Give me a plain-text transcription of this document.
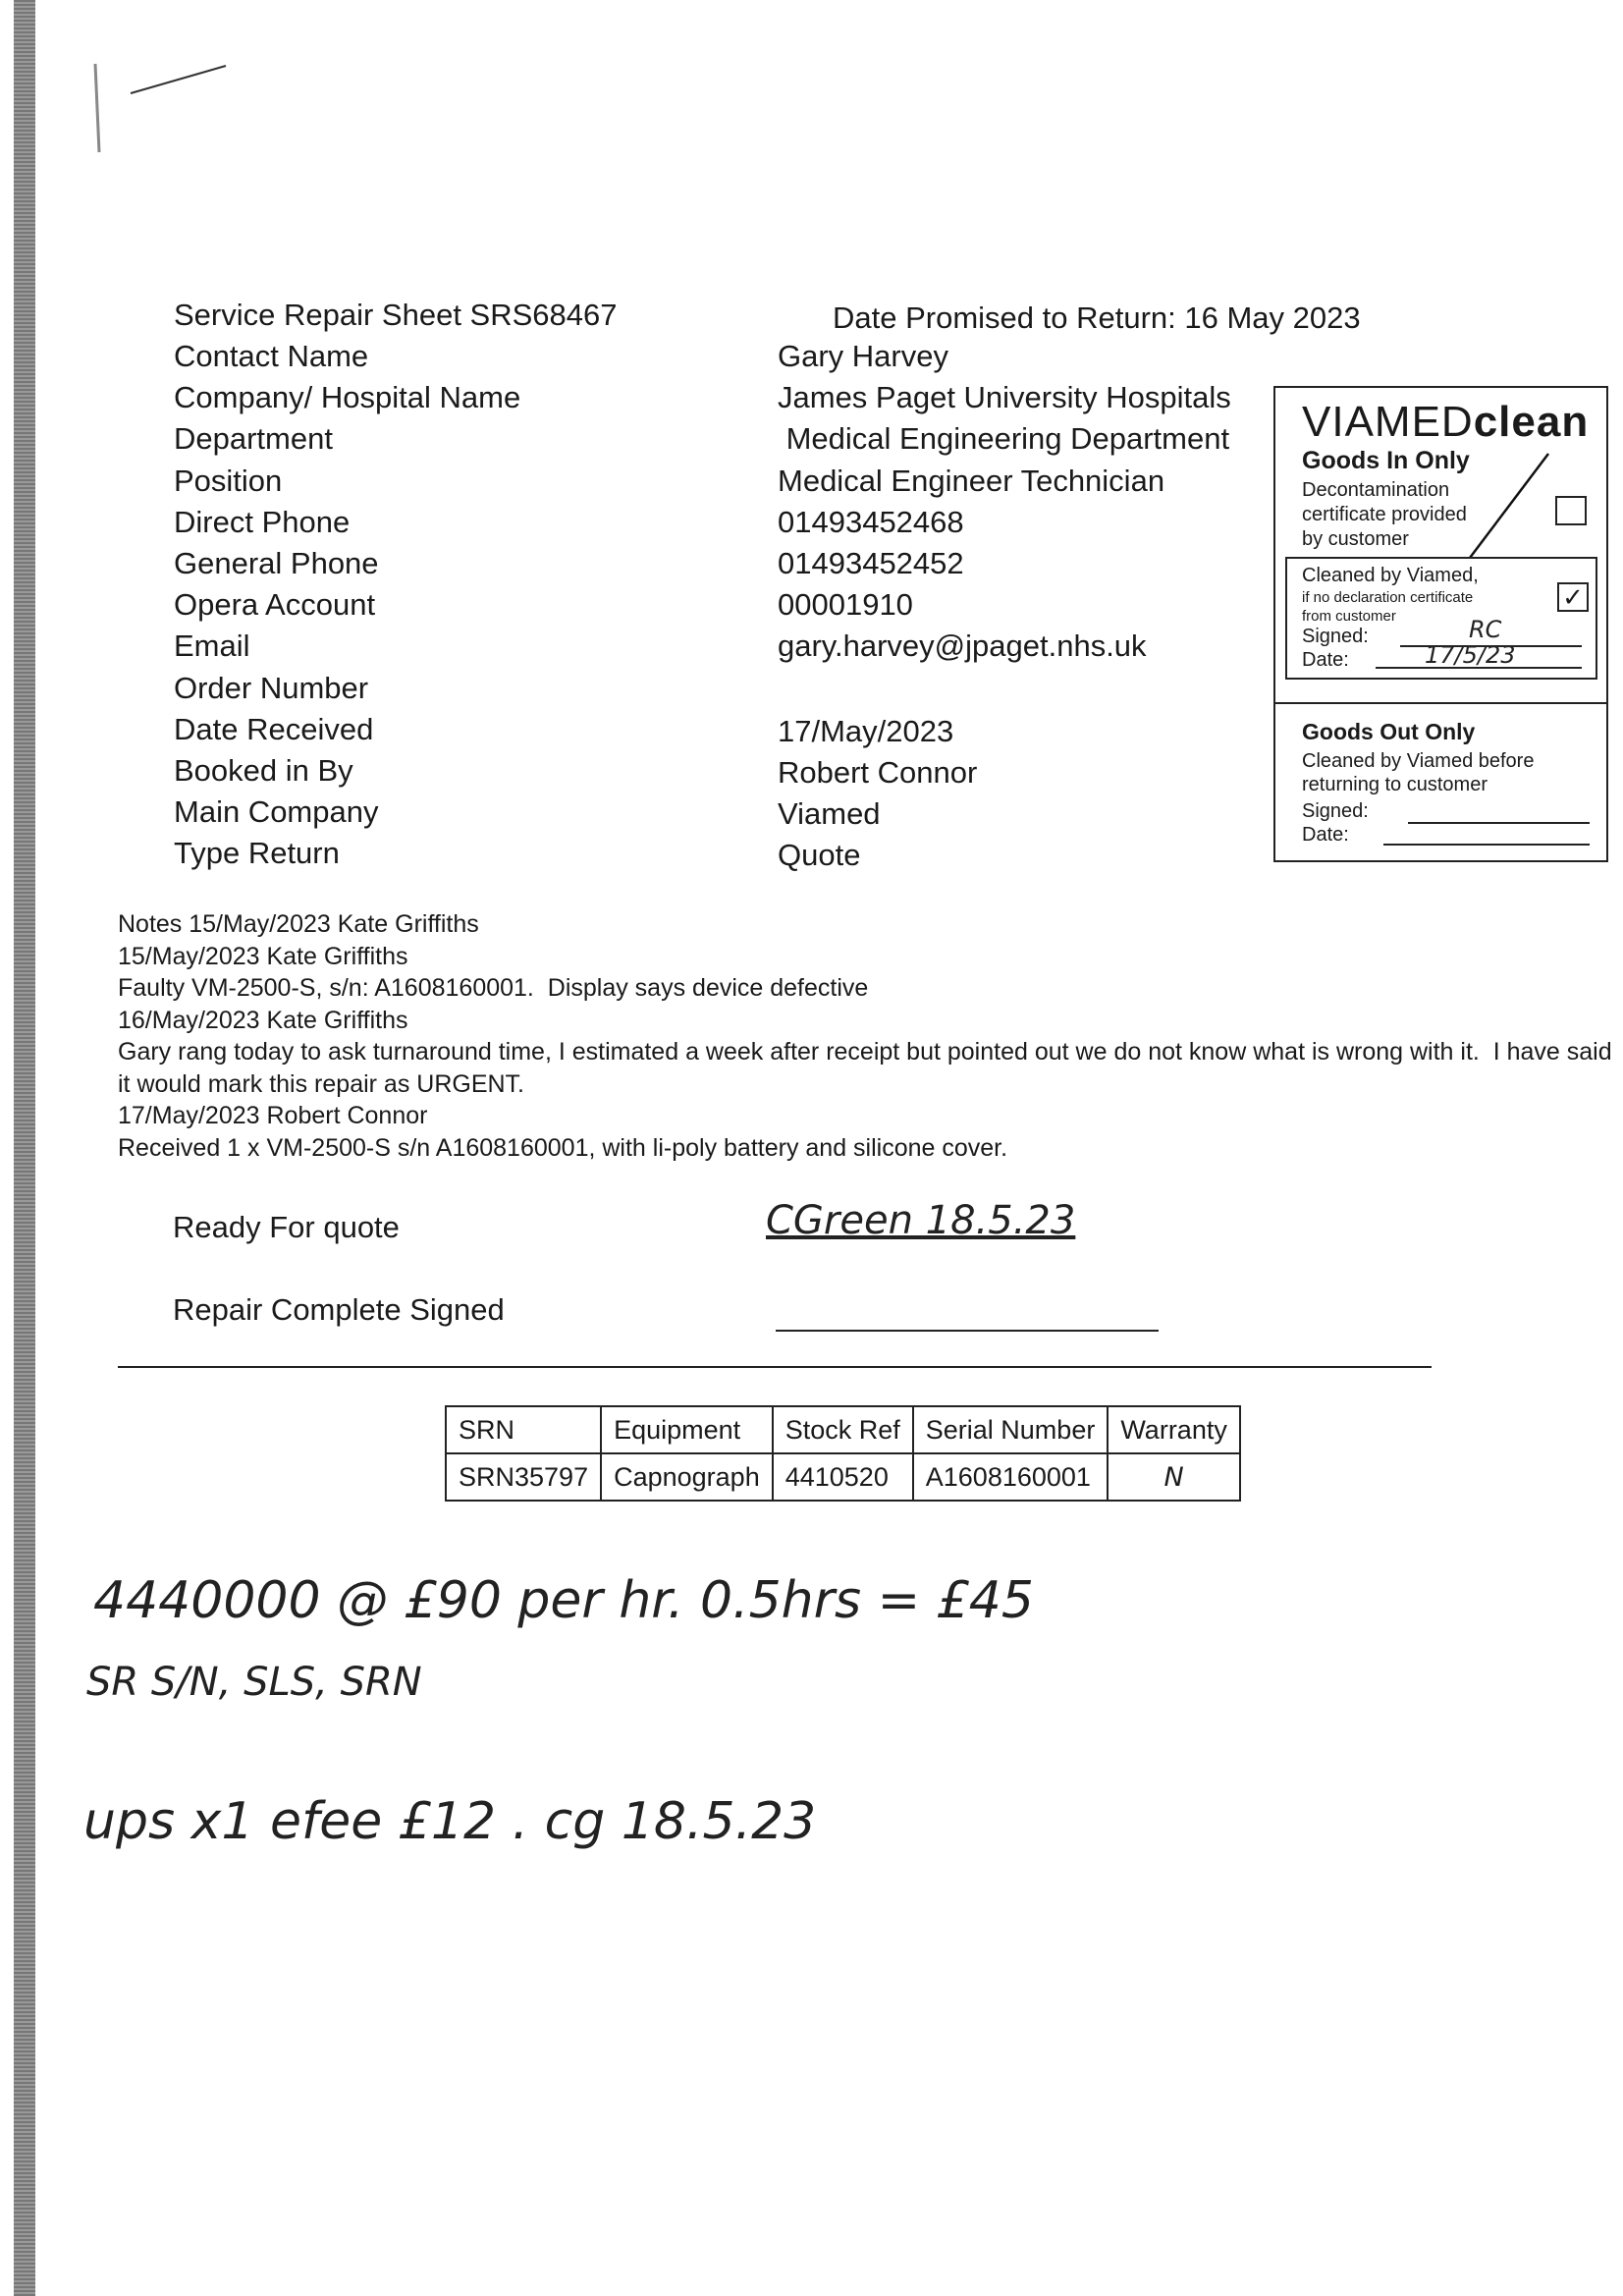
Service Repair Sheet SRS68467	Date Promised to Return: 16 May 2023
Contact Name	Gary Harvey
Company/ Hospital Name	James Paget University Hospitals
Department	Medical Engineering Department
Position	Medical Engineer Technician
Direct Phone	01493452468
General Phone	01493452452
Opera Account	00001910
Email	gary.harvey@jpaget.nhs.uk
Order Number
Date Received	17/May/2023
Booked in By	Robert Connor
Main Company	Viamed
Type Return	Quote
VIAMEDclean
Goods In Only
Decontamination
certificate provided
by customer
Cleaned by Viamed,
if no declaration certificate
from customer
✓
Signed:	RC
Date:	17/5/23
Goods Out Only
Cleaned by Viamed before
returning to customer
Signed:
Date:
Notes 15/May/2023 Kate Griffiths
15/May/2023 Kate Griffiths
Faulty VM-2500-S, s/n: A1608160001.  Display says device defective
16/May/2023 Kate Griffiths
Gary rang today to ask turnaround time, I estimated a week after receipt but pointed out we do not know what is wrong with it.  I have said it would mark this repair as URGENT.
17/May/2023 Robert Connor
Received 1 x VM-2500-S s/n A1608160001, with li-poly battery and silicone cover.
Ready For quote	CGreen 18.5.23
Repair Complete Signed
SRN	Equipment	Stock Ref	Serial Number	Warranty
SRN35797	Capnograph	4410520	A1608160001	N
4440000 @ £90 per hr. 0.5hrs = £45
SR S/N, SLS, SRN
ups x1 efee £12 . cg 18.5.23
